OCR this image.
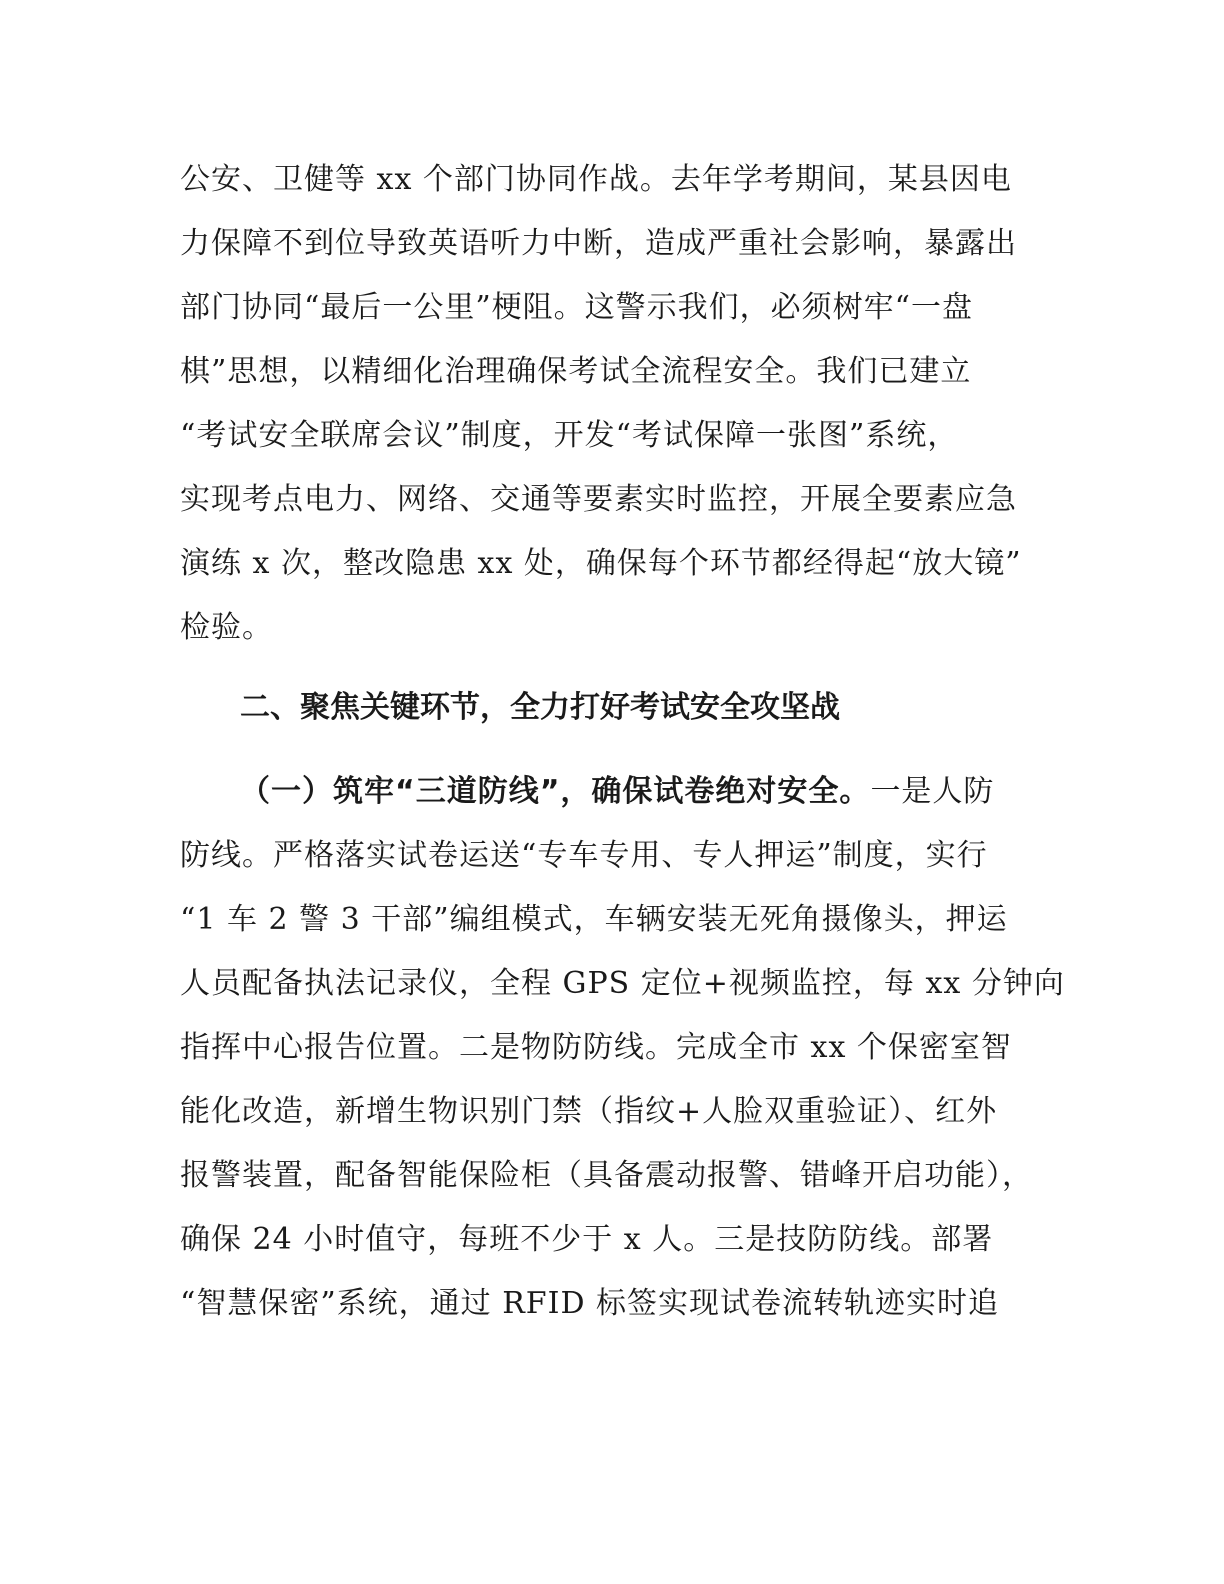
公安、卫健等 xx 个部门协同作战。去年学考期间，某县因电
力保障不到位导致英语听力中断，造成严重社会影响，暴露出
部门协同“最后一公里”梗阻。这警示我们，必须树牢“一盘
棋”思想，以精细化治理确保考试全流程安全。我们已建立
“考试安全联席会议”制度，开发“考试保障一张图”系统，
实现考点电力、网络、交通等要素实时监控，开展全要素应急
演练 x 次，整改隐患 xx 处，确保每个环节都经得起“放大镜”
检验。
二、聚焦关键环节，全力打好考试安全攻坚战
（一）筑牢“三道防线”，确保试卷绝对安全。一是人防
防线。严格落实试卷运送“专车专用、专人押运”制度，实行
“1 车 2 警 3 干部”编组模式，车辆安装无死角摄像头，押运
人员配备执法记录仪，全程 GPS 定位+视频监控，每 xx 分钟向
指挥中心报告位置。二是物防防线。完成全市 xx 个保密室智
能化改造，新增生物识别门禁（指纹+人脸双重验证）、红外
报警装置，配备智能保险柜（具备震动报警、错峰开启功能），
确保 24 小时值守，每班不少于 x 人。三是技防防线。部署
“智慧保密”系统，通过 RFID 标签实现试卷流转轨迹实时追
